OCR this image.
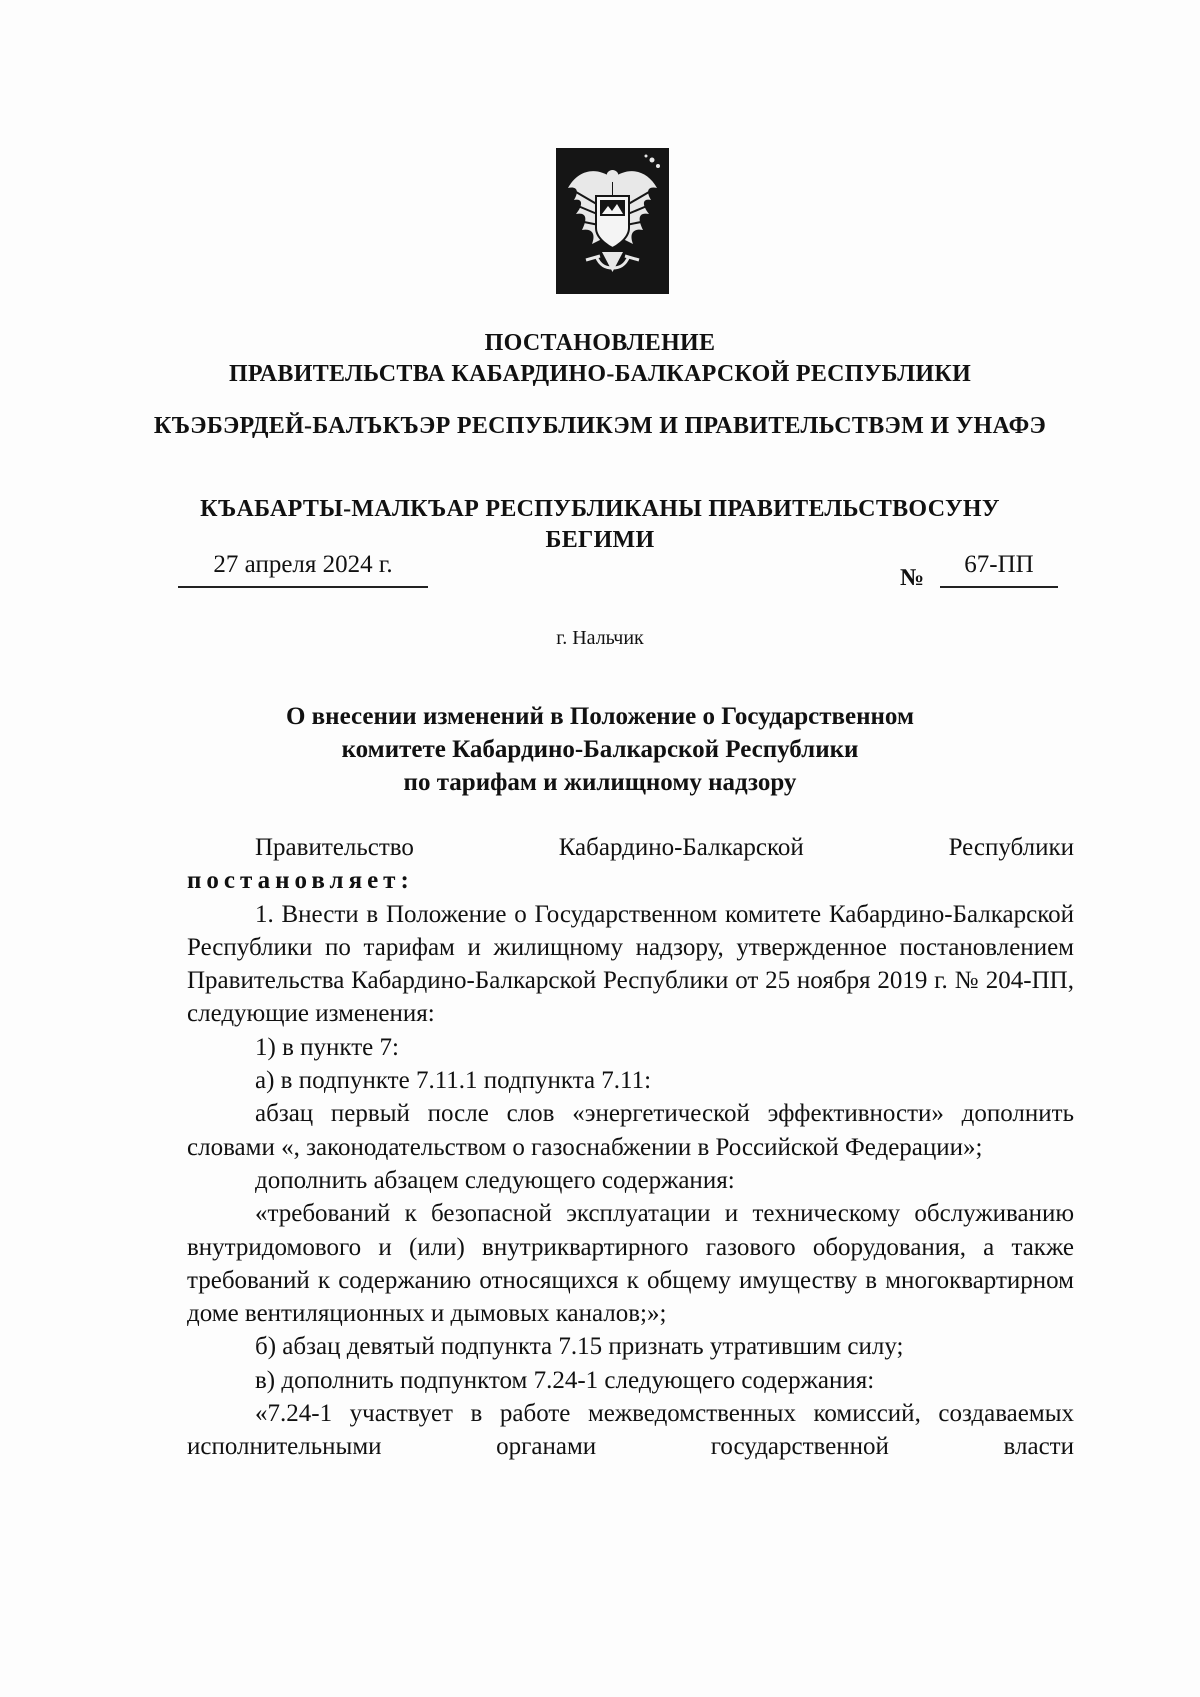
ПОСТАНОВЛЕНИЕ
ПРАВИТЕЛЬСТВА КАБАРДИНО-БАЛКАРСКОЙ РЕСПУБЛИКИ
КЪЭБЭРДЕЙ-БАЛЪКЪЭР РЕСПУБЛИКЭМ И ПРАВИТЕЛЬСТВЭМ И УНАФЭ
КЪАБАРТЫ-МАЛКЪАР РЕСПУБЛИКАНЫ ПРАВИТЕЛЬСТВОСУНУ БЕГИМИ
27 апреля 2024 г.	№	67-ПП
г. Нальчик
О внесении изменений в Положение о Государственном
комитете Кабардино-Балкарской Республики
по тарифам и жилищному надзору
Правительство	Кабардино-Балкарской	Республики

постановляет:

1. Внести в Положение о Государственном комитете Кабардино-Балкарской Республики по тарифам и жилищному надзору, утвержденное постановлением Правительства Кабардино-Балкарской Республики от 25 ноября 2019 г. № 204-ПП, следующие изменения:

1) в пункте 7:

а) в подпункте 7.11.1 подпункта 7.11:

абзац первый после слов «энергетической эффективности» дополнить словами «, законодательством о газоснабжении в Российской Федерации»;

дополнить абзацем следующего содержания:

«требований к безопасной эксплуатации и техническому обслуживанию внутридомового и (или) внутриквартирного газового оборудования, а также требований к содержанию относящихся к общему имуществу в многоквартирном доме вентиляционных и дымовых каналов;»;

б) абзац девятый подпункта 7.15 признать утратившим силу;

в) дополнить подпунктом 7.24-1 следующего содержания:

«7.24-1 участвует в работе межведомственных комиссий, создаваемых исполнительными органами государственной власти
